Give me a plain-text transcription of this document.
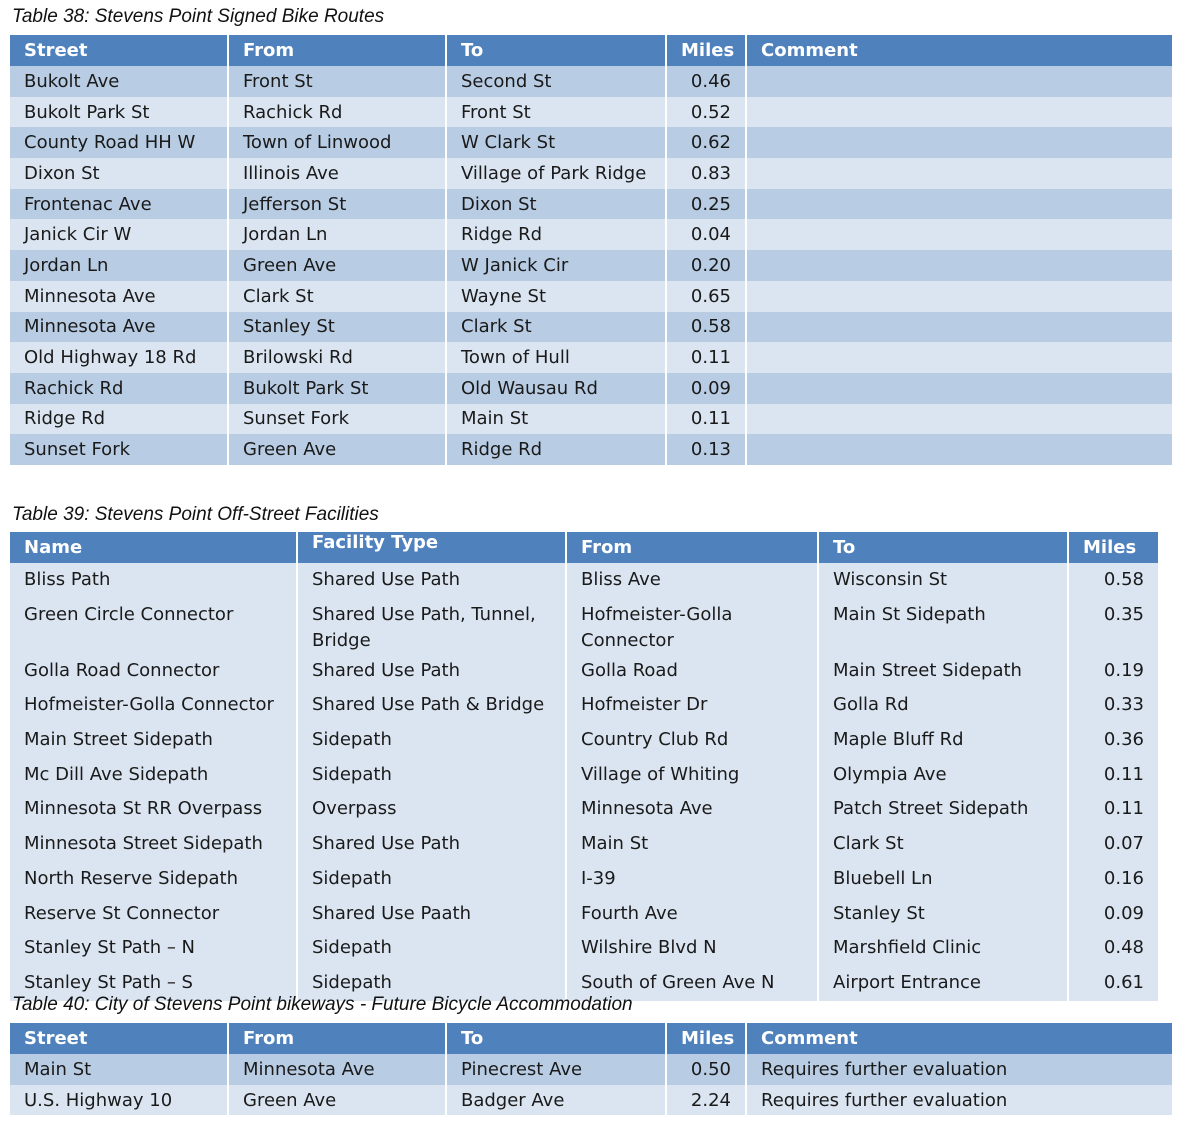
Table 38: Stevens Point Signed Bike Routes
Street	From	To	Miles	Comment
Bukolt Ave	Front St	Second St	0.46	
Bukolt Park St	Rachick Rd	Front St	0.52	
County Road HH W	Town of Linwood	W Clark St	0.62	
Dixon St	Illinois Ave	Village of Park Ridge	0.83	
Frontenac Ave	Jefferson St	Dixon St	0.25	
Janick Cir W	Jordan Ln	Ridge Rd	0.04	
Jordan Ln	Green Ave	W Janick Cir	0.20	
Minnesota Ave	Clark St	Wayne St	0.65	
Minnesota Ave	Stanley St	Clark St	0.58	
Old Highway 18 Rd	Brilowski Rd	Town of Hull	0.11	
Rachick Rd	Bukolt Park St	Old Wausau Rd	0.09	
Ridge Rd	Sunset Fork	Main St	0.11	
Sunset Fork	Green Ave	Ridge Rd	0.13	
Table 39: Stevens Point Off-Street Facilities
Name	Facility Type	From	To	Miles
Bliss Path	Shared Use Path	Bliss Ave	Wisconsin St	0.58
Green Circle Connector	Shared Use Path, Tunnel, Bridge	Hofmeister-Golla Connector	Main St Sidepath	0.35
Golla Road Connector	Shared Use Path	Golla Road	Main Street Sidepath	0.19
Hofmeister-Golla Connector	Shared Use Path & Bridge	Hofmeister Dr	Golla Rd	0.33
Main Street Sidepath	Sidepath	Country Club Rd	Maple Bluff Rd	0.36
Mc Dill Ave Sidepath	Sidepath	Village of Whiting	Olympia Ave	0.11
Minnesota St RR Overpass	Overpass	Minnesota Ave	Patch Street Sidepath	0.11
Minnesota Street Sidepath	Shared Use Path	Main St	Clark St	0.07
North Reserve Sidepath	Sidepath	I-39	Bluebell Ln	0.16
Reserve St Connector	Shared Use Paath	Fourth Ave	Stanley St	0.09
Stanley St Path – N	Sidepath	Wilshire Blvd N	Marshfield Clinic	0.48
Stanley St Path – S	Sidepath	South of Green Ave N	Airport Entrance	0.61
Table 40: City of Stevens Point bikeways - Future Bicycle Accommodation
Street	From	To	Miles	Comment
Main St	Minnesota Ave	Pinecrest Ave	0.50	Requires further evaluation
U.S. Highway 10	Green Ave	Badger Ave	2.24	Requires further evaluation
